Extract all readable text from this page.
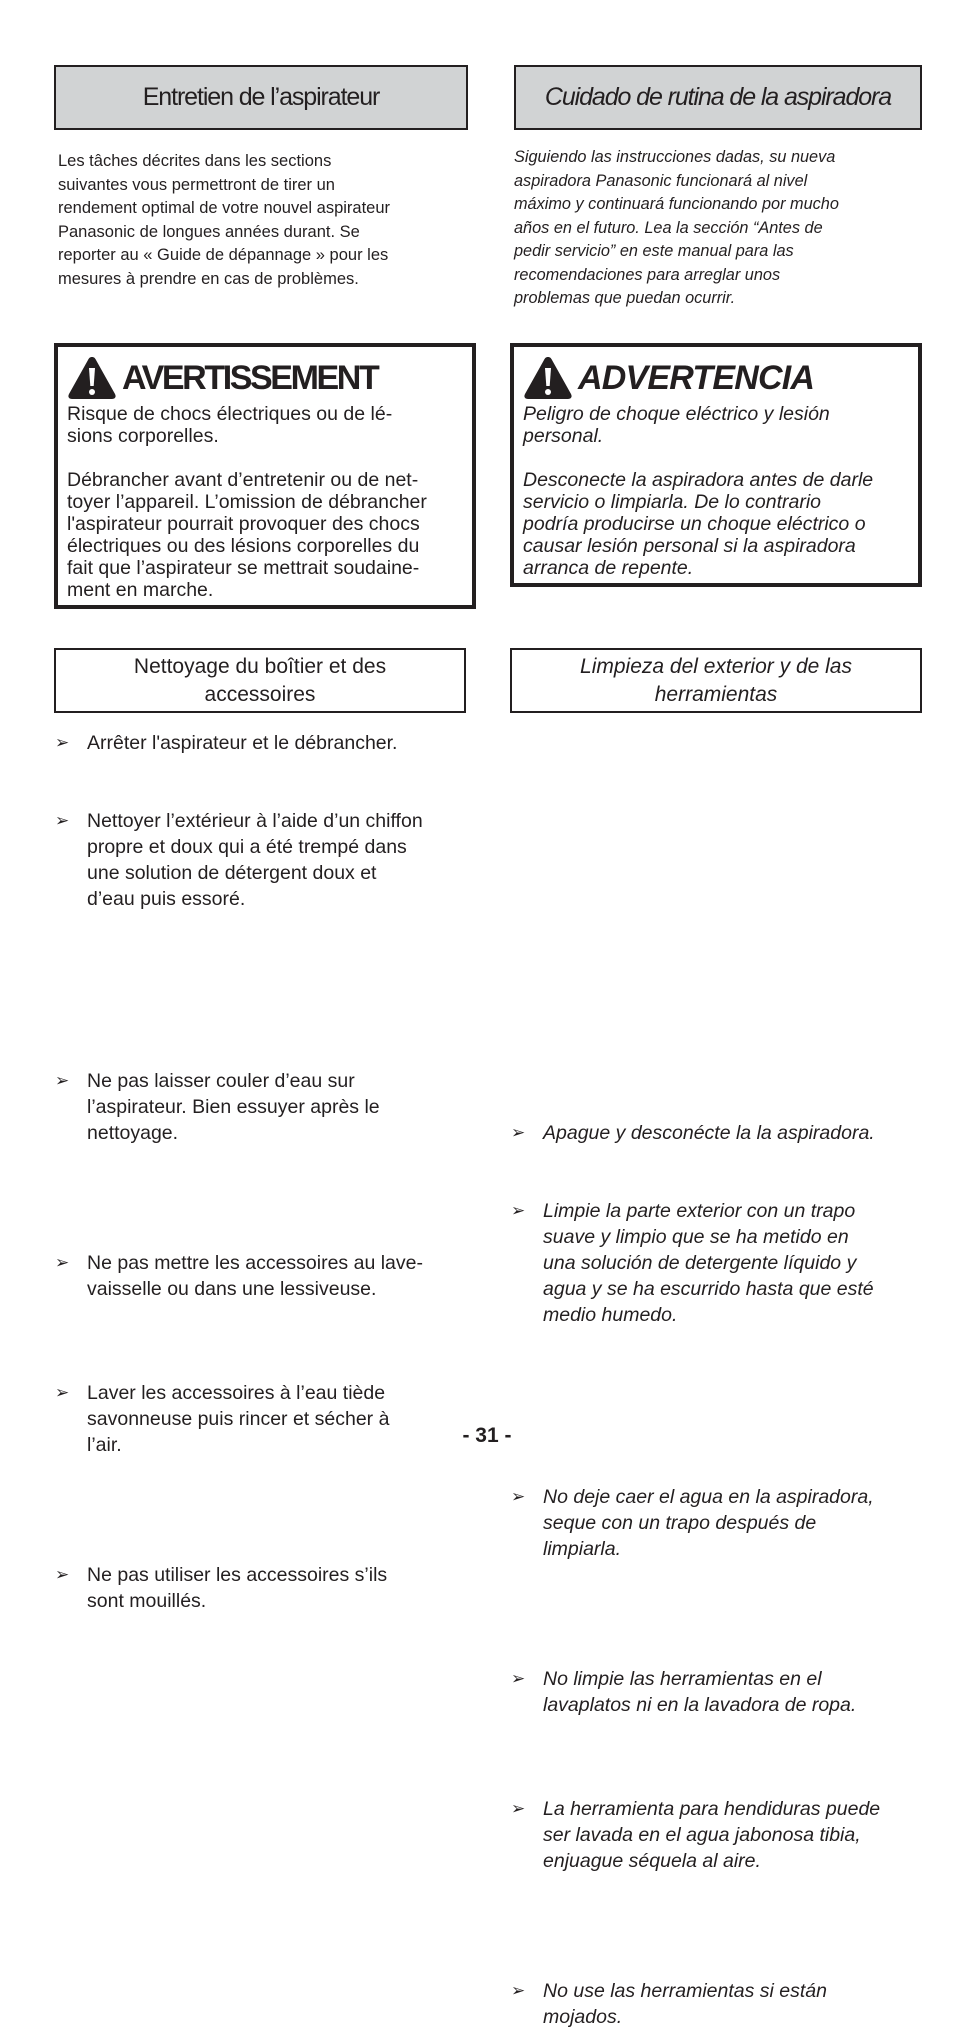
Entretien de l’aspirateur	Cuidado de rutina de la aspiradora
Les tâches décrites dans les sections
suivantes vous permettront de tirer un
rendement optimal de votre nouvel aspirateur
Panasonic de longues années durant. Se
reporter au « Guide de dépannage » pour les
mesures à prendre en cas de problèmes.
Siguiendo las instrucciones dadas, su nueva
aspiradora Panasonic funcionará al nivel
máximo y continuará funcionando por mucho
años en el futuro. Lea la sección “Antes de
pedir servicio” en este manual para las
recomendaciones para arreglar unos
problemas que puedan ocurrir.
AVERTISSEMENT
Risque de chocs électriques ou de lé-
sions corporelles.
Débrancher avant d’entretenir ou de net-
toyer l’appareil. L’omission de débrancher
l'aspirateur pourrait provoquer des chocs
électriques ou des lésions corporelles du
fait que l’aspirateur se mettrait soudaine-
ment en marche.
ADVERTENCIA
Peligro de choque eléctrico y lesión
personal.
Desconecte la aspiradora antes de darle
servicio o limpiarla. De lo contrario
podría producirse un choque eléctrico o
causar lesión personal si la aspiradora
arranca de repente.
Nettoyage du boîtier et des
accessoires
Limpieza del exterior y de las
herramientas
➢ Arrêter l'aspirateur et le débrancher.
➢ Nettoyer l’extérieur à l’aide d’un chiffon
propre et doux qui a été trempé dans
une solution de détergent doux et
d’eau puis essoré.
➢ Ne pas laisser couler d’eau sur
l’aspirateur. Bien essuyer après le
nettoyage.
➢ Ne pas mettre les accessoires au lave-
vaisselle ou dans une lessiveuse.
➢ Laver les accessoires à l’eau tiède
savonneuse puis rincer et sécher à
l’air.
➢ Ne pas utiliser les accessoires s’ils
sont mouillés.
➢ Apague y desconécte la la aspiradora.
➢ Limpie la parte exterior con un trapo
suave y limpio que se ha metido en
una solución de detergente líquido y
agua y se ha escurrido hasta que esté
medio humedo.
➢ No deje caer el agua en la aspiradora,
seque con un trapo después de
limpiarla.
➢ No limpie las herramientas en el
lavaplatos ni en la lavadora de ropa.
➢ La herramienta para hendiduras puede
ser lavada en el agua jabonosa tibia,
enjuague séquela al aire.
➢ No use las herramientas si están
mojados.
- 31 -
